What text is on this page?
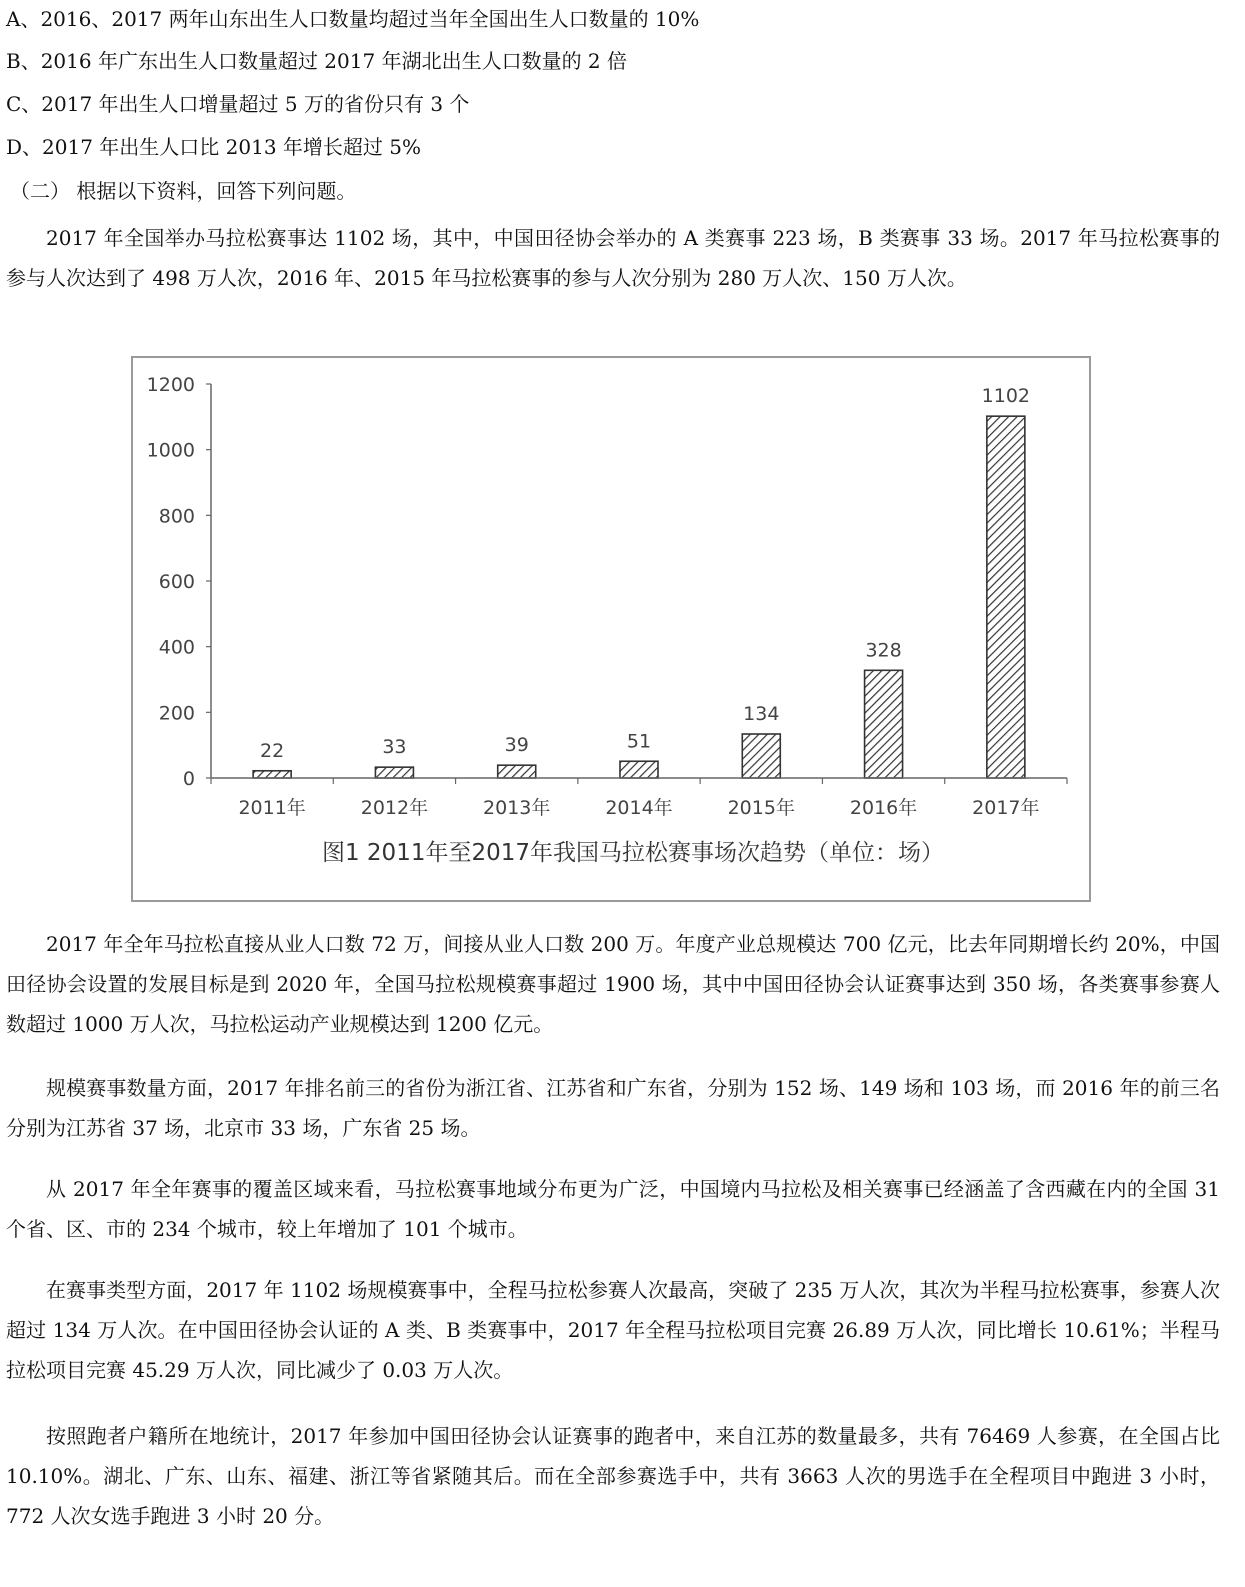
A、2016、2017 两年山东出生人口数量均超过当年全国出生人口数量的 10%
B、2016 年广东出生人口数量超过 2017 年湖北出生人口数量的 2 倍
C、2017 年出生人口增量超过 5 万的省份只有 3 个
D、2017 年出生人口比 2013 年增长超过 5%
（二） 根据以下资料，回答下列问题。

2017 年全国举办马拉松赛事达 1102 场，其中，中国田径协会举办的 A 类赛事 223 场，B 类赛事 33 场。2017 年马拉松赛事的参与人次达到了 498 万人次，2016 年、2015 年马拉松赛事的参与人次分别为 280 万人次、150 万人次。

0
200
400
600
800
1000
1200
22	33	39	51
134
328
1102
2011年	2012年	2013年	2014年	2015年	2016年	2017年
图1 2011年至2017年我国马拉松赛事场次趋势（单位：场）

2017 年全年马拉松直接从业人口数 72 万，间接从业人口数 200 万。年度产业总规模达 700 亿元，比去年同期增长约 20%，中国田径协会设置的发展目标是到 2020 年，全国马拉松规模赛事超过 1900 场，其中中国田径协会认证赛事达到 350 场，各类赛事参赛人数超过 1000 万人次，马拉松运动产业规模达到 1200 亿元。

规模赛事数量方面，2017 年排名前三的省份为浙江省、江苏省和广东省，分别为 152 场、149 场和 103 场，而 2016 年的前三名分别为江苏省 37 场，北京市 33 场，广东省 25 场。

从 2017 年全年赛事的覆盖区域来看，马拉松赛事地域分布更为广泛，中国境内马拉松及相关赛事已经涵盖了含西藏在内的全国 31 个省、区、市的 234 个城市，较上年增加了 101 个城市。

在赛事类型方面，2017 年 1102 场规模赛事中，全程马拉松参赛人次最高，突破了 235 万人次，其次为半程马拉松赛事，参赛人次超过 134 万人次。在中国田径协会认证的 A 类、B 类赛事中，2017 年全程马拉松项目完赛 26.89 万人次，同比增长 10.61%；半程马拉松项目完赛 45.29 万人次，同比减少了 0.03 万人次。

按照跑者户籍所在地统计，2017 年参加中国田径协会认证赛事的跑者中，来自江苏的数量最多，共有 76469 人参赛，在全国占比 10.10%。湖北、广东、山东、福建、浙江等省紧随其后。而在全部参赛选手中，共有 3663 人次的男选手在全程项目中跑进 3 小时，772 人次女选手跑进 3 小时 20 分。
